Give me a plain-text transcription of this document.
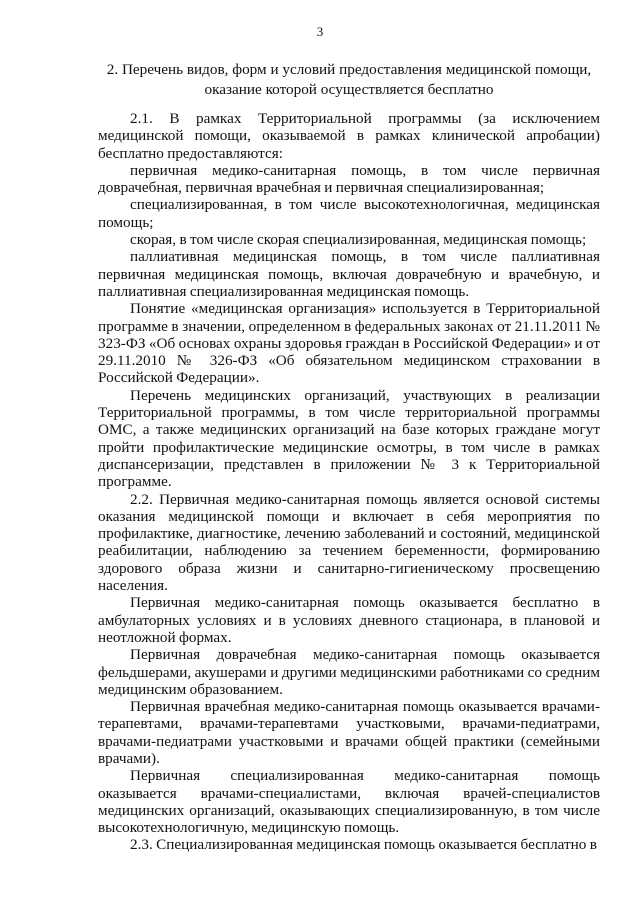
3
2. Перечень видов, форм и условий предоставления медицинской помощи,
оказание которой осуществляется бесплатно

2.1. В рамках Территориальной программы (за исключением медицинской помощи, оказываемой в рамках клинической апробации) бесплатно предоставляются:

первичная медико-санитарная помощь, в том числе первичная доврачебная, первичная врачебная и первичная специализированная;

специализированная, в том числе высокотехнологичная, медицинская помощь;

скорая, в том числе скорая специализированная, медицинская помощь;

паллиативная медицинская помощь, в том числе паллиативная первичная медицинская помощь, включая доврачебную и врачебную, и паллиативная специализированная медицинская помощь.

Понятие «медицинская организация» используется в Территориальной программе в значении, определенном в федеральных законах от 21.11.2011 № 323-ФЗ «Об основах охраны здоровья граждан в Российской Федерации» и от 29.11.2010 № 326-ФЗ «Об обязательном медицинском страховании в Российской Федерации».

Перечень медицинских организаций, участвующих в реализации Территориальной программы, в том числе территориальной программы ОМС, а также медицинских организаций на базе которых граждане могут пройти профилактические медицинские осмотры, в том числе в рамках диспансеризации, представлен в приложении № 3 к Территориальной программе.

2.2. Первичная медико-санитарная помощь является основой системы оказания медицинской помощи и включает в себя мероприятия по профилактике, диагностике, лечению заболеваний и состояний, медицинской реабилитации, наблюдению за течением беременности, формированию здорового образа жизни и санитарно-гигиеническому просвещению населения.

Первичная медико-санитарная помощь оказывается бесплатно в амбулаторных условиях и в условиях дневного стационара, в плановой и неотложной формах.

Первичная доврачебная медико-санитарная помощь оказывается фельдшерами, акушерами и другими медицинскими работниками со средним медицинским образованием.

Первичная врачебная медико-санитарная помощь оказывается врачами-терапевтами, врачами-терапевтами участковыми, врачами-педиатрами, врачами-педиатрами участковыми и врачами общей практики (семейными врачами).

Первичная специализированная медико-санитарная помощь оказывается врачами-специалистами, включая врачей-специалистов медицинских организаций, оказывающих специализированную, в том числе высокотехнологичную, медицинскую помощь.

2.3. Специализированная медицинская помощь оказывается бесплатно в
